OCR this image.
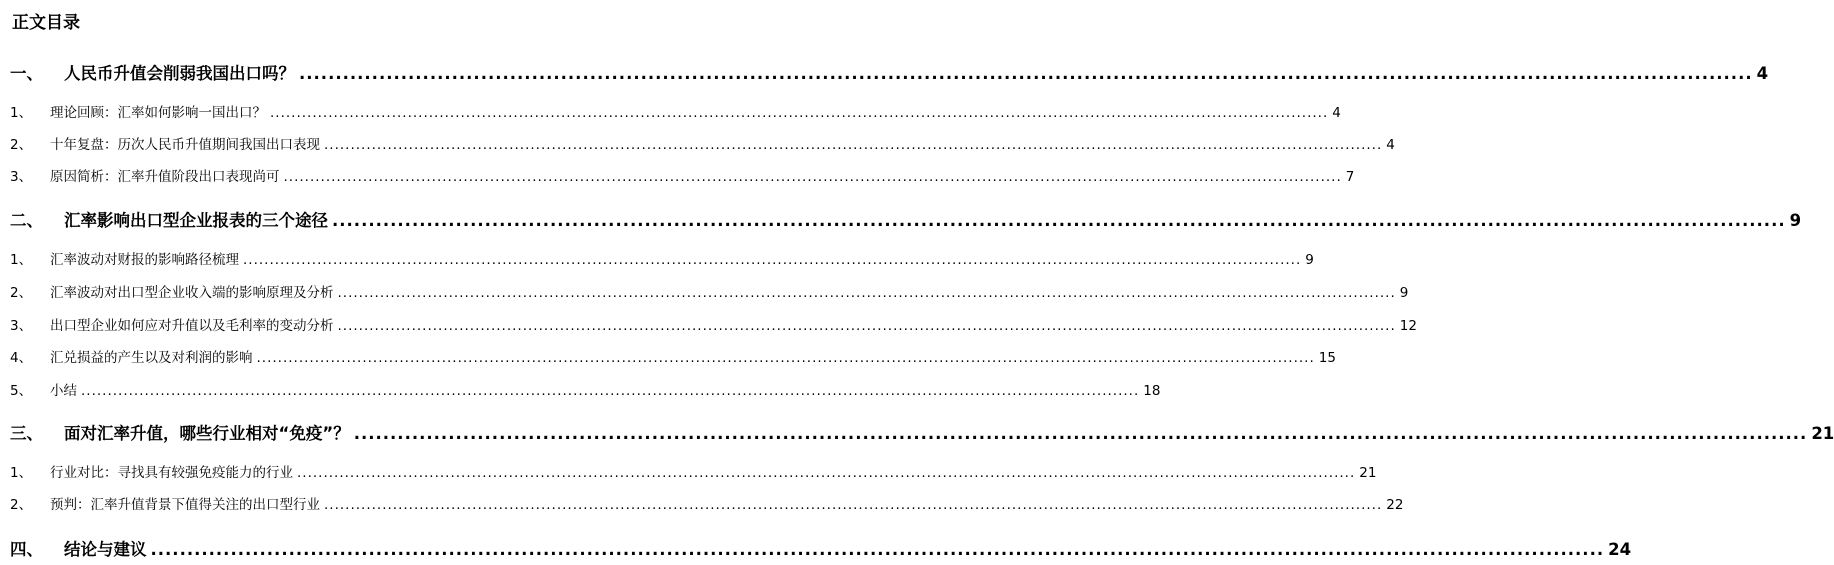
正文目录
一、	人民币升值会削弱我国出口吗？ ........................................................................................................................................................................................................ 4
1、	理论回顾：汇率如何影响一国出口？ ........................................................................................................................................................................................................ 4
2、	十年复盘：历次人民币升值期间我国出口表现 ........................................................................................................................................................................................................ 4
3、	原因简析：汇率升值阶段出口表现尚可 ........................................................................................................................................................................................................ 7
二、	汇率影响出口型企业报表的三个途径 ........................................................................................................................................................................................................ 9
1、	汇率波动对财报的影响路径梳理 ........................................................................................................................................................................................................ 9
2、	汇率波动对出口型企业收入端的影响原理及分析 ........................................................................................................................................................................................................ 9
3、	出口型企业如何应对升值以及毛利率的变动分析 ........................................................................................................................................................................................................ 12
4、	汇兑损益的产生以及对利润的影响 ........................................................................................................................................................................................................ 15
5、	小结 ........................................................................................................................................................................................................ 18
三、	面对汇率升值，哪些行业相对“免疫”？ ........................................................................................................................................................................................................ 21
1、	行业对比：寻找具有较强免疫能力的行业 ........................................................................................................................................................................................................ 21
2、	预判：汇率升值背景下值得关注的出口型行业 ........................................................................................................................................................................................................ 22
四、	结论与建议 ........................................................................................................................................................................................................ 24
